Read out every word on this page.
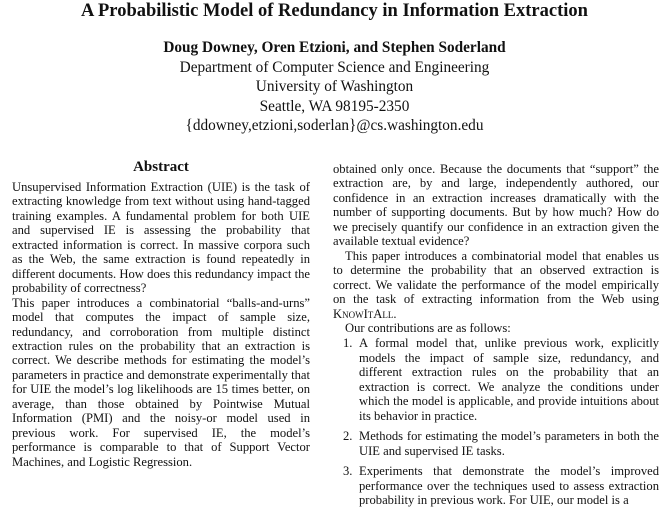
A Probabilistic Model of Redundancy in Information Extraction
Doug Downey, Oren Etzioni, and Stephen Soderland
Department of Computer Science and Engineering
University of Washington
Seattle, WA 98195-2350
{ddowney,etzioni,soderlan}@cs.washington.edu
Abstract

Unsupervised Information Extraction (UIE) is the task of extracting knowledge from text without using hand-tagged training examples. A fundamental problem for both UIE and supervised IE is assessing the probability that extracted information is correct. In massive corpora such as the Web, the same extraction is found repeatedly in different documents. How does this redundancy impact the probability of correctness?

This paper introduces a combinatorial “balls-and-urns” model that computes the impact of sample size, redundancy, and corroboration from multiple distinct extraction rules on the probability that an extraction is correct. We describe methods for estimating the model’s parameters in practice and demonstrate experimentally that for UIE the model’s log likelihoods are 15 times better, on average, than those obtained by Pointwise Mutual Information (PMI) and the noisy-or model used in previous work. For supervised IE, the model’s performance is comparable to that of Support Vector Machines, and Logistic Regression.

obtained only once. Because the documents that “support” the extraction are, by and large, independently authored, our confidence in an extraction increases dramatically with the number of supporting documents. But by how much? How do we precisely quantify our confidence in an extraction given the available textual evidence?

This paper introduces a combinatorial model that enables us to determine the probability that an observed extraction is correct. We validate the performance of the model empirically on the task of extracting information from the Web using KnowItAll.

Our contributions are as follows:

1. A formal model that, unlike previous work, explicitly models the impact of sample size, redundancy, and different extraction rules on the probability that an extraction is correct. We analyze the conditions under which the model is applicable, and provide intuitions about its behavior in practice.
2. Methods for estimating the model’s parameters in both the UIE and supervised IE tasks.
3. Experiments that demonstrate the model’s improved performance over the techniques used to assess extraction probability in previous work. For UIE, our model is a
